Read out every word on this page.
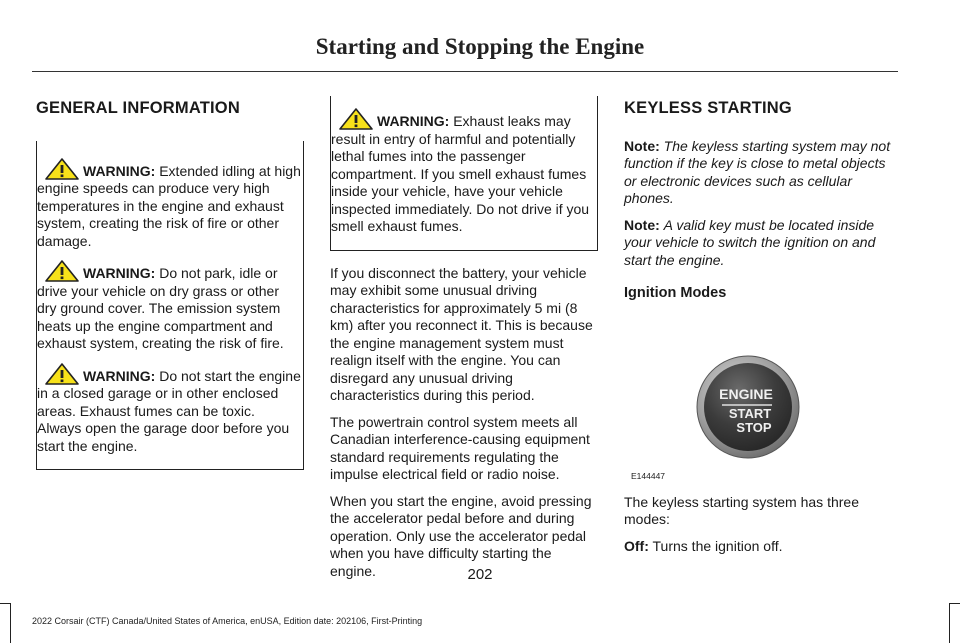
Starting and Stopping the Engine
GENERAL INFORMATION

WARNING: Extended idling at high engine speeds can produce very high temperatures in the engine and exhaust system, creating the risk of fire or other damage.

WARNING: Do not park, idle or drive your vehicle on dry grass or other dry ground cover. The emission system heats up the engine compartment and exhaust system, creating the risk of fire.

WARNING: Do not start the engine in a closed garage or in other enclosed areas. Exhaust fumes can be toxic. Always open the garage door before you start the engine.

WARNING: Exhaust leaks may result in entry of harmful and potentially lethal fumes into the passenger compartment. If you smell exhaust fumes inside your vehicle, have your vehicle inspected immediately. Do not drive if you smell exhaust fumes.

If you disconnect the battery, your vehicle may exhibit some unusual driving characteristics for approximately 5 mi (8 km) after you reconnect it. This is because the engine management system must realign itself with the engine. You can disregard any unusual driving characteristics during this period.

The powertrain control system meets all Canadian interference-causing equipment standard requirements regulating the impulse electrical field or radio noise.

When you start the engine, avoid pressing the accelerator pedal before and during operation. Only use the accelerator pedal when you have difficulty starting the engine.

KEYLESS STARTING

Note: The keyless starting system may not function if the key is close to metal objects or electronic devices such as cellular phones.

Note: A valid key must be located inside your vehicle to switch the ignition on and start the engine.

Ignition Modes

ENGINE
START
STOP
E144447

The keyless starting system has three modes:

Off: Turns the ignition off.

202
2022 Corsair (CTF) Canada/United States of America, enUSA, Edition date: 202106, First-Printing
